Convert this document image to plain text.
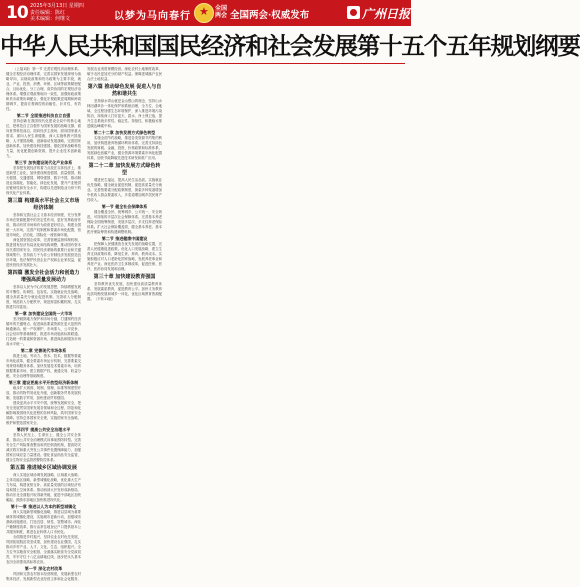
10 2025年3月13日 星期四
责任编辑：陈红
美术编辑：何继文	以梦为马向春行
★
全国两会 全国两会·权威发布	广州日报
中华人民共和国国民经济和社会发展第十五个五年规划纲要

（上接1版）第一节 完善宏观经济治理体系。健全宏观经济治理体系，完善以国家发展规划为战略导向，以财政政策和货币政策为主要手段，就业、产业、投资、消费、环保、区域等政策紧密配合，目标优化、分工合理、高效协同的宏观经济治理体系。增强宏观政策取向一致性，加强财政政策和货币政策协调配合，强化宏观政策逆周期和跨周期调节，提高宏观调控的前瞻性、针对性、有效性。

第二节 全面推进科技自立自强

坚持创新在我国现代化建设全局中的核心地位，把科技自立自强作为国家发展的战略支撑，面向世界科技前沿、面向经济主战场、面向国家重大需求、面向人民生命健康，深入实施科教兴国战略、人才强国战略、创新驱动发展战略，完善国家创新体系，加快建设科技强国。强化国家战略科技力量，优化配置创新资源，提升企业技术创新能力。

第三节 加快建设现代化产业体系

坚持把发展经济的着力点放在实体经济上，推进新型工业化，加快建设制造强国、质量强国、航天强国、交通强国、网络强国、数字中国，推动制造业高端化、智能化、绿色化发展，提升产业链供应链韧性和安全水平，构建以先进制造业为骨干的现代化产业体系。

第三篇 构建高水平社会主义市场经济体制

坚持和完善社会主义基本经济制度，充分发挥市场在资源配置中的决定性作用，更好发挥政府作用，推动有效市场和有为政府更好结合，构建全国统一大市场，完善产权制度和要素市场化配置，营造市场化、法治化、国际化一流营商环境。

深化国资国企改革，完善管理监督体制机制，推进国有经济布局优化和结构调整，推动国有资本向关系国家安全、国民经济命脉的重要行业和关键领域集中。坚持致力于为非公有制经济发展营造良好环境，依法保护民营企业产权和企业家权益，促进民营经济发展壮大。

第四篇 激发全社会活力和创造力 增强高质量发展动力

坚持以人民为中心的发展思想，持续增强发展的平衡性、协调性、包容性。实施就业优先战略，健全高质量充分就业促进机制，完善收入分配制度，规范收入分配秩序，规范财富积累机制，扎实推进共同富裕。

第一章 加快建设全国统一大市场

坚决破除地方保护和市场分割，打通制约经济循环的关键堵点，促进商品要素资源在更大范围内畅通流动。统一产权保护、市场准入、公平竞争、社会信用等基础制度，推进市场设施高标准联通，打造统一的要素和资源市场，推进商品和服务市场高水平统一。

第二章 完善现代市场体系

推进土地、劳动力、资本、技术、数据等要素市场化改革，健全要素市场运行机制，完善要素交易规则和服务体系。加快发展技术要素市场，培育数据要素市场，建立数据产权、流通交易、收益分配、安全治理等基础制度。

第三章 建设更高水平开放型经济新体制

稳步扩大规则、规制、管理、标准等制度型开放，推动货物贸易优化升级，创新服务贸易发展机制，发展数字贸易，加快建设贸易强国。

建设更高水平平安中国，统筹发展和安全，把安全发展贯穿国家发展各领域和全过程，防范和化解影响我国现代化进程的各种风险，筑牢国家安全屏障。坚持总体国家安全观，实施国家安全战略，维护和塑造国家安全。

第四节 提高公共安全治理水平

坚持人民至上、生命至上，健全公共安全体系，推动公共安全治理模式向事前预防转型。完善安全生产风险排查整治和责任倒查机制，提高防灾减灾救灾和重大突发公共事件处置保障能力，加强国家区域应急力量建设。强化食品药品安全监管，健全生物安全监管预警防控体系。

第五篇 推进城乡区域协调发展

深入实施区域协调发展战略、区域重大战略、主体功能区战略、新型城镇化战略，优化重大生产力布局，构建优势互补、高质量发展的区域经济布局和国土空间体系。推动西部大开发形成新格局，推动东北全面振兴取得新突破，促进中部地区加快崛起，鼓励东部地区加快推进现代化。

第十一章 推进以人为本的新型城镇化

深入实施新型城镇化战略，推进以县城为重要载体的城镇化建设，实施城市更新行动，加强城市基础设施建设，打造宜居、韧性、智慧城市。深化户籍制度改革，推行由常住地登记户口提供基本公共服务制度，推进农业转移人口市民化。

全面推进乡村振兴，坚持农业农村优先发展，巩固拓展脱贫攻坚成果，加快建设农业强国，扎实推动乡村产业、人才、文化、生态、组织振兴。全方位夯实粮食安全根基，全面落实粮食安全党政同责，牢牢守住十八亿亩耕地红线，逐步把永久基本农田全部建成高标准农田。

第一节 深化农村改革

巩固和完善农村基本经营制度，发展新型农村集体经济，发展新型农业经营主体和社会化服务，发展农业适度规模经营。深化农村土地制度改革，赋予农民更加充分的财产权益。保障进城落户农民合法土地权益。

第六篇 推动绿色发展 促进人与自然和谐共生

坚持绿水青山就是金山银山的理念，坚持山水林田湖草沙一体化保护和系统治理，全方位、全地域、全过程加强生态环境保护，深入推进环境污染防治，持续深入打好蓝天、碧水、净土保卫战，提升生态系统多样性、稳定性、持续性，积极稳妥推进碳达峰碳中和。

第二十二章 加快发展方式绿色转型

实施全面节约战略，推进各类资源节约集约利用，加快构建废弃物循环利用体系。完善支持绿色发展的财税、金融、投资、价格政策和标准体系，发展绿色低碳产业，健全资源环境要素市场化配置体系，加快节能降碳先进技术研发和推广应用。

第二十二章 加快发展方式绿色转型

增进民生福祉，提高人民生活品质。实施就业优先战略，健全就业促进机制，促进高质量充分就业。完善按要素分配政策制度，探索多种渠道增加中低收入群众要素收入，多渠道增加城乡居民财产性收入。

第一节 健全社会保障体系

健全覆盖全民、统筹城乡、公平统一、安全规范、可持续的多层次社会保障体系。完善基本养老保险全国统筹制度，发展多层次、多支柱养老保险体系。扩大社会保险覆盖面，健全基本养老、基本医疗保险筹资和待遇调整机制。

第二节 推进健康中国建设

把保障人民健康放在优先发展的战略位置，完善人民健康促进政策。优化人口发展战略，建立生育支持政策体系，降低生育、养育、教育成本。实施积极应对人口老龄化国家战略，发展养老事业和养老产业。深化医药卫生体制改革，促进医保、医疗、医药协同发展和治理。

第三十章 加快建设教育强国

坚持教育优先发展，加快建设高质量教育体系，发展素质教育，促进教育公平。加快义务教育优质均衡发展和城乡一体化，优化区域教育资源配置。（下转11版）
